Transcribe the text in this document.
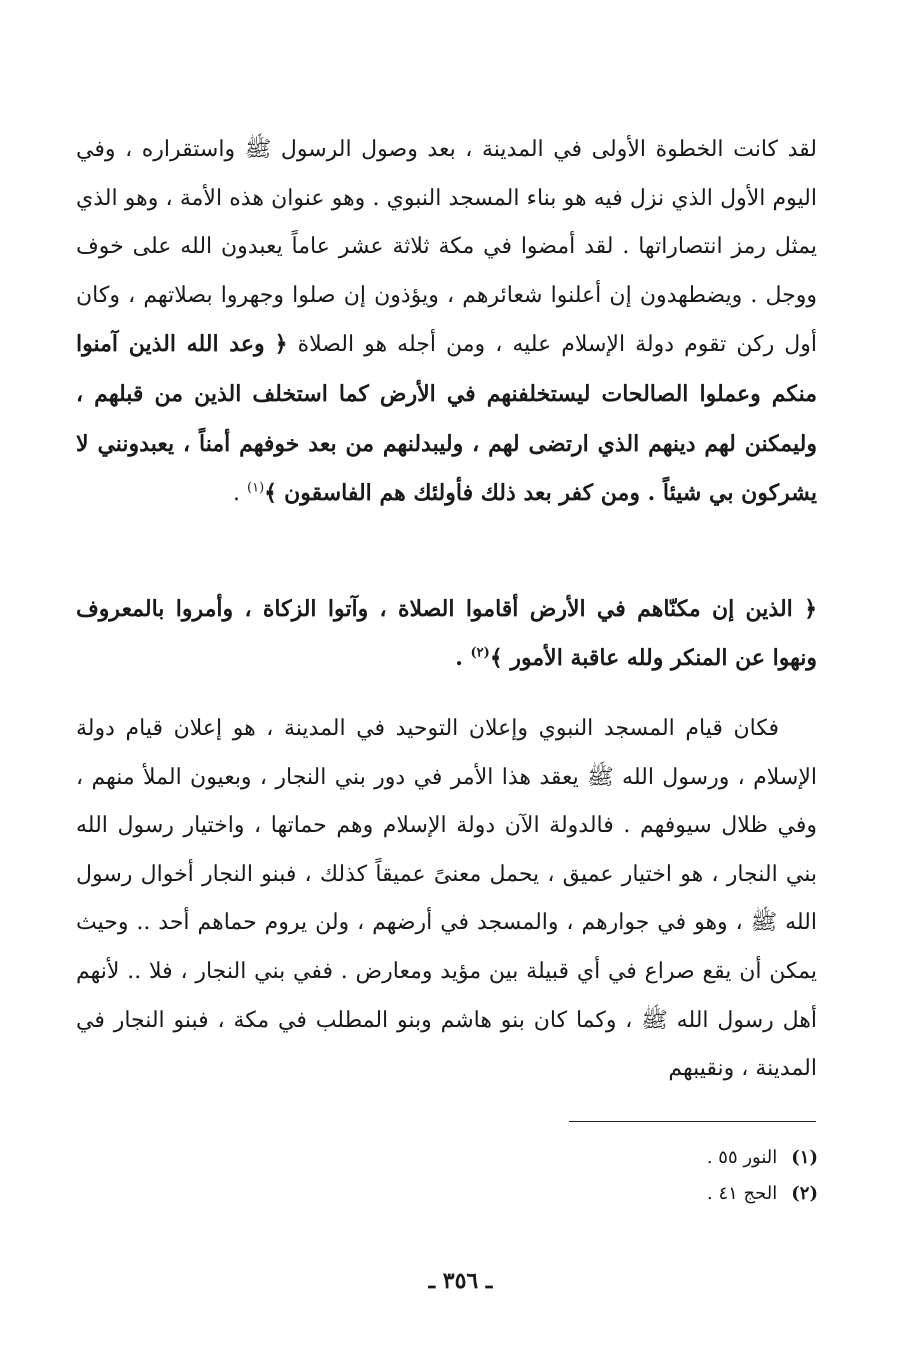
لقد كانت الخطوة الأولى في المدينة ، بعد وصول الرسول ﷺ واستقراره ، وفي اليوم الأول الذي نزل فيه هو بناء المسجد النبوي . وهو عنوان هذه الأمة ، وهو الذي يمثل رمز انتصاراتها . لقد أمضوا في مكة ثلاثة عشر عاماً يعبدون الله على خوف ووجل . ويضطهدون إن أعلنوا شعائرهم ، ويؤذون إن صلوا وجهروا بصلاتهم ، وكان أول ركن تقوم دولة الإسلام عليه ، ومن أجله هو الصلاة ﴿ وعد الله الذين آمنوا منكم وعملوا الصالحات ليستخلفنهم في الأرض كما استخلف الذين من قبلهم ، وليمكنن لهم دينهم الذي ارتضى لهم ، وليبدلنهم من بعد خوفهم أمناً ، يعبدونني لا يشركون بي شيئاً . ومن كفر بعد ذلك فأولئك هم الفاسقون ﴾$^{(١)}$ .
﴿ الذين إن مكنّاهم في الأرض أقاموا الصلاة ، وآتوا الزكاة ، وأمروا بالمعروف ونهوا عن المنكر ولله عاقبة الأمور ﴾$^{(٢)}$ .
فكان قيام المسجد النبوي وإعلان التوحيد في المدينة ، هو إعلان قيام دولة الإسلام ، ورسول الله ﷺ يعقد هذا الأمر في دور بني النجار ، وبعيون الملأ منهم ، وفي ظلال سيوفهم . فالدولة الآن دولة الإسلام وهم حماتها ، واختيار رسول الله بني النجار ، هو اختيار عميق ، يحمل معنىً عميقاً كذلك ، فبنو النجار أخوال رسول الله ﷺ ، وهو في جوارهم ، والمسجد في أرضهم ، ولن يروم حماهم أحد .. وحيث يمكن أن يقع صراع في أي قبيلة بين مؤيد ومعارض . ففي بني النجار ، فلا .. لأنهم أهل رسول الله ﷺ ، وكما كان بنو هاشم وبنو المطلب في مكة ، فبنو النجار في المدينة ، ونقيبهم
(١)النور ٥٥ .
(٢)الحج ٤١ .
ـ ٣٥٦ ـ
